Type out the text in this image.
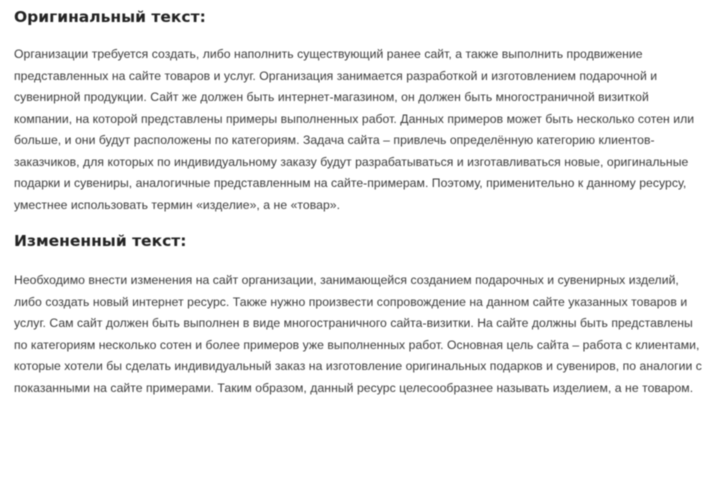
Оригинальный текст:

Организации требуется создать, либо наполнить существующий ранее сайт, а также выполнить продвижение представленных на сайте товаров и услуг. Организация занимается разработкой и изготовлением подарочной и сувенирной продукции. Сайт же должен быть интернет-магазином, он должен быть многостраничной визиткой компании, на которой представлены примеры выполненных работ. Данных примеров может быть несколько сотен или больше, и они будут расположены по категориям. Задача сайта – привлечь определённую категорию клиентов-заказчиков, для которых по индивидуальному заказу будут разрабатываться и изготавливаться новые, оригинальные подарки и сувениры, аналогичные представленным на сайте-примерам. Поэтому, применительно к данному ресурсу, уместнее использовать термин «изделие», а не «товар».

Измененный текст:

Необходимо внести изменения на сайт организации, занимающейся созданием подарочных и сувенирных изделий, либо создать новый интернет ресурс. Также нужно произвести сопровождение на данном сайте указанных товаров и услуг. Сам сайт должен быть выполнен в виде многостраничного сайта-визитки. На сайте должны быть представлены по категориям несколько сотен и более примеров уже выполненных работ. Основная цель сайта – работа с клиентами, которые хотели бы сделать индивидуальный заказ на изготовление оригинальных подарков и сувениров, по аналогии с показанными на сайте примерами. Таким образом, данный ресурс целесообразнее называть изделием, а не товаром.
